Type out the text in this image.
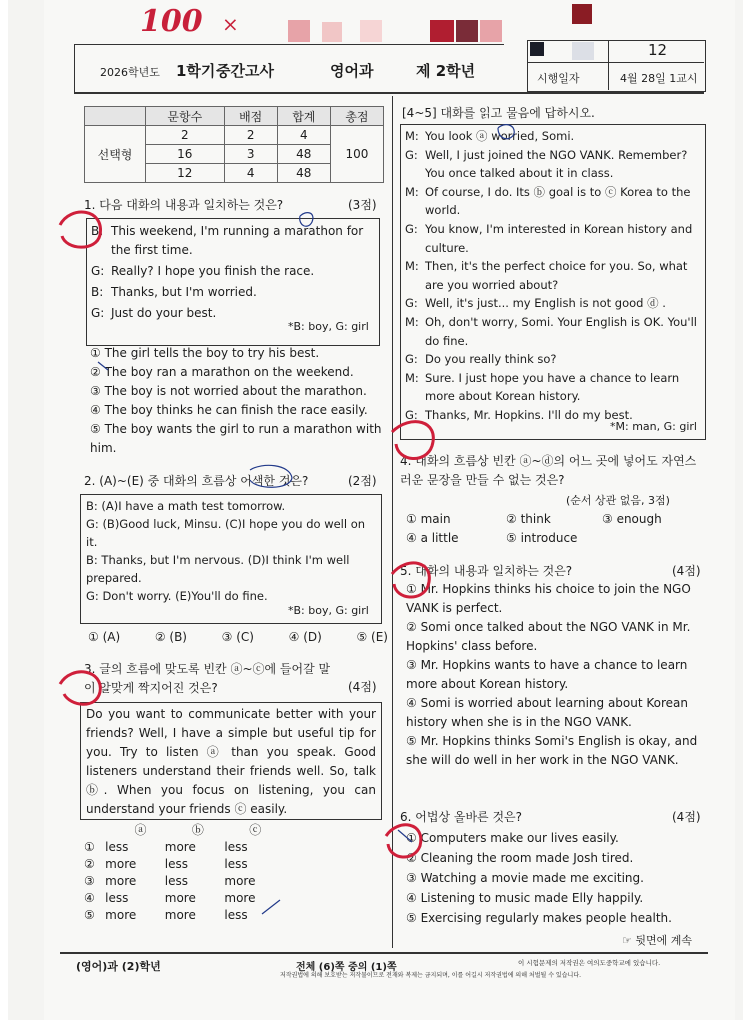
100 ×
2026학년도 1학기 중간고사	영어과	제 2학년
12
시행일자	4월 28일 1교시
	문항수	배점	합계	총점
선택형	2	2	4	100
	16	3	48	
	12	4	48	
1. 다음 대화의 내용과 일치하는 것은?	(3점)
B: This weekend, I'm running a marathon for the first time.
G: Really? I hope you finish the race.
B: Thanks, but I'm worried.
G: Just do your best.
*B: boy, G: girl
① The girl tells the boy to try his best.
② The boy ran a marathon on the weekend.
③ The boy is not worried about the marathon.
④ The boy thinks he can finish the race easily.
⑤ The boy wants the girl to run a marathon with him.
2. (A)~(E) 중 대화의 흐름상 어색한 것은?	(2점)
B: (A)I have a math test tomorrow.
G: (B)Good luck, Minsu. (C)I hope you do well on it.
B: Thanks, but I'm nervous. (D)I think I'm well prepared.
G: Don't worry. (E)You'll do fine.
*B: boy, G: girl
① (A)	② (B)	③ (C)	④ (D)	⑤ (E)
3. 글의 흐름에 맞도록 빈칸 ⓐ~ⓒ에 들어갈 말이 알맞게 짝지어진 것은?	(4점)
Do you want to communicate better with your friends? Well, I have a simple but useful tip for you. Try to listen ⓐ than you speak. Good listeners understand their friends well. So, talk ⓑ. When you focus on listening, you can understand your friends ⓒ easily.
ⓐ	ⓑ	ⓒ
① less	more	less
② more	less	less
③ more	less	more
④ less	more	more
⑤ more	more	less
[4~5] 대화를 읽고 물음에 답하시오.
M: You look ⓐ worried, Somi.
G: Well, I just joined the NGO VANK. Remember? You once talked about it in class.
M: Of course, I do. Its ⓑ goal is to ⓒ Korea to the world.
G: You know, I'm interested in Korean history and culture.
M: Then, it's the perfect choice for you. So, what are you worried about?
G: Well, it's just... my English is not good ⓓ .
M: Oh, don't worry, Somi. Your English is OK. You'll do fine.
G: Do you really think so?
M: Sure. I just hope you have a chance to learn more about Korean history.
G: Thanks, Mr. Hopkins. I'll do my best.
*M: man, G: girl
4. 대화의 흐름상 빈칸 ⓐ~ⓓ의 어느 곳에 넣어도 자연스러운 문장을 만들 수 없는 것은?
(순서 상관 없음, 3점)
① main	② think	③ enough
④ a little	⑤ introduce
5. 대화의 내용과 일치하는 것은?	(4점)
① Mr. Hopkins thinks his choice to join the NGO VANK is perfect.
② Somi once talked about the NGO VANK in Mr. Hopkins' class before.
③ Mr. Hopkins wants to have a chance to learn more about Korean history.
④ Somi is worried about learning about Korean history when she is in the NGO VANK.
⑤ Mr. Hopkins thinks Somi's English is okay, and she will do well in her work in the NGO VANK.
6. 어법상 올바른 것은?	(4점)
① Computers make our lives easily.
② Cleaning the room made Josh tired.
③ Watching a movie made me exciting.
④ Listening to music made Elly happily.
⑤ Exercising regularly makes people health.
☞ 뒷면에 계속
(영어)과 (2)학년	전체 (6)쪽 중의 (1)쪽	이 시험문제의 저작권은 여의도중학교에 있습니다.
저작권법에 의해 보호받는 저작물이므로 전재와 복제는 금지되며, 이를 어길시 저작권법에 의해 처벌될 수 있습니다.
